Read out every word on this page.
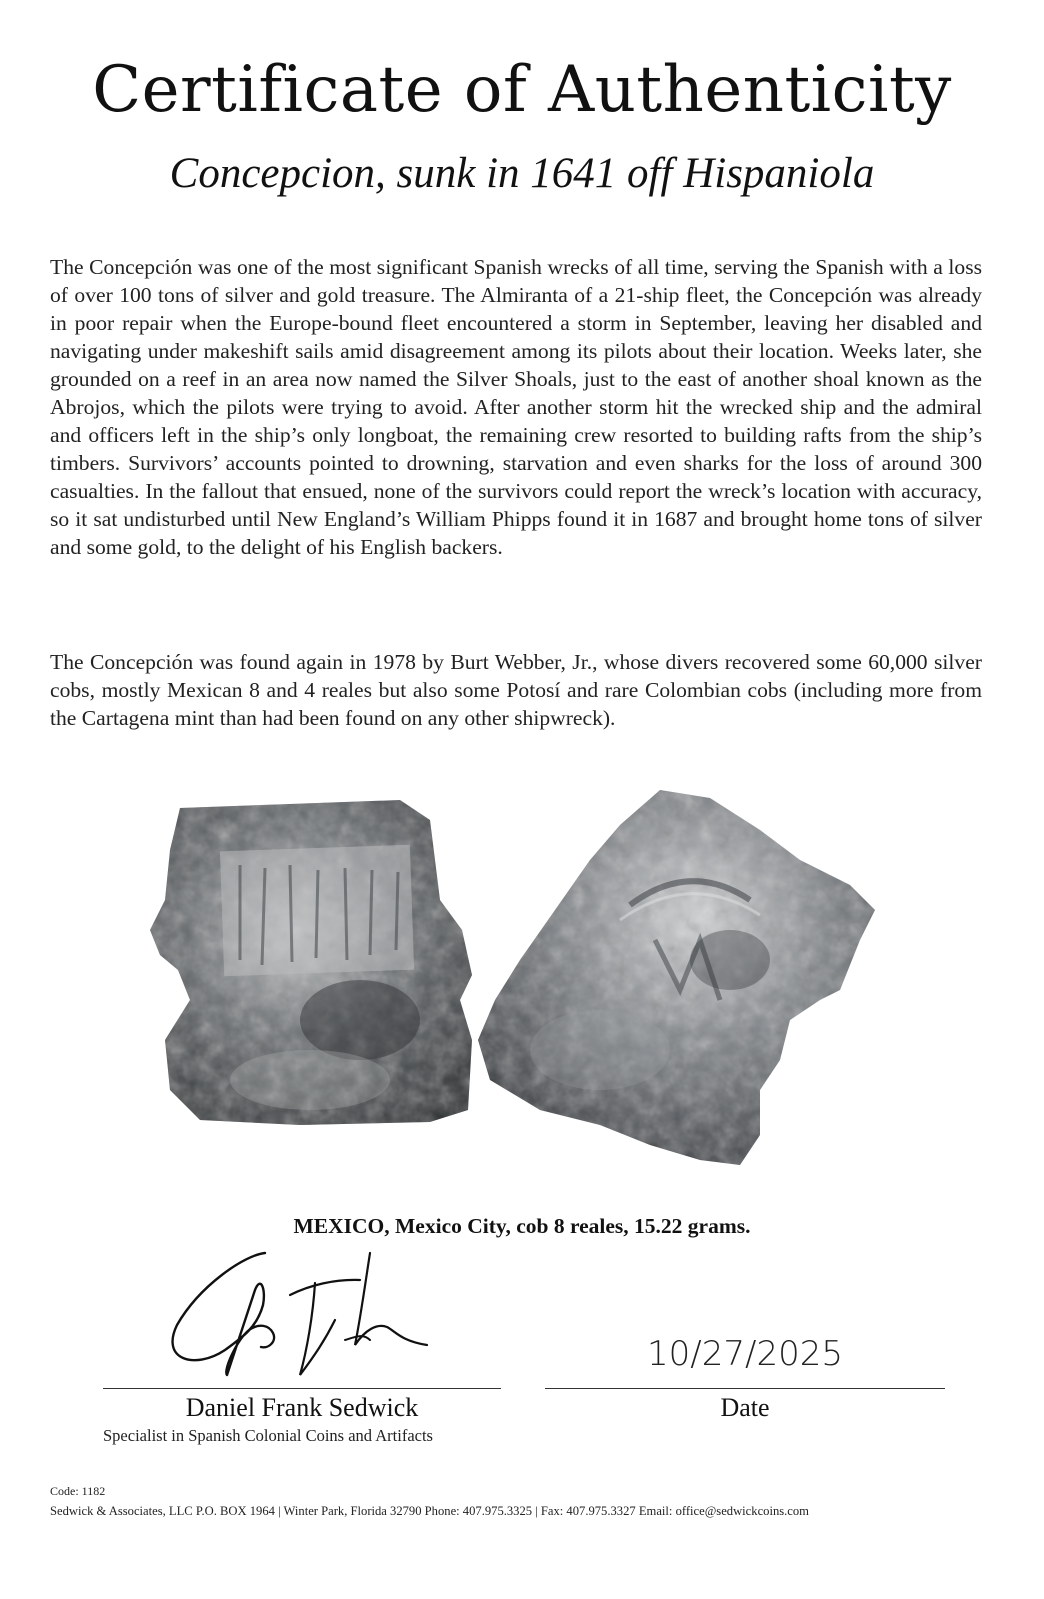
Certificate of Authenticity
Concepcion, sunk in 1641 off Hispaniola

The Concepción was one of the most significant Spanish wrecks of all time, serving the Spanish with a loss of over 100 tons of silver and gold treasure. The Almiranta of a 21-ship fleet, the Concepción was already in poor repair when the Europe-bound fleet encountered a storm in September, leaving her disabled and navigating under makeshift sails amid disagreement among its pilots about their location. Weeks later, she grounded on a reef in an area now named the Silver Shoals, just to the east of another shoal known as the Abrojos, which the pilots were trying to avoid. After another storm hit the wrecked ship and the admiral and officers left in the ship’s only longboat, the remaining crew resorted to building rafts from the ship’s timbers. Survivors’ accounts pointed to drowning, starvation and even sharks for the loss of around 300 casualties. In the fallout that ensued, none of the survivors could report the wreck’s location with accuracy, so it sat undisturbed until New England’s William Phipps found it in 1687 and brought home tons of silver and some gold, to the delight of his English backers.

The Concepción was found again in 1978 by Burt Webber, Jr., whose divers recovered some 60,000 silver cobs, mostly Mexican 8 and 4 reales but also some Potosí and rare Colombian cobs (including more from the Cartagena mint than had been found on any other shipwreck).

MEXICO, Mexico City, cob 8 reales, 15.22 grams.
10/27/2025
Daniel Frank Sedwick
Specialist in Spanish Colonial Coins and Artifacts
Date
Code: 1182
Sedwick & Associates, LLC P.O. BOX 1964 | Winter Park, Florida 32790 Phone: 407.975.3325 | Fax: 407.975.3327 Email: office@sedwickcoins.com
